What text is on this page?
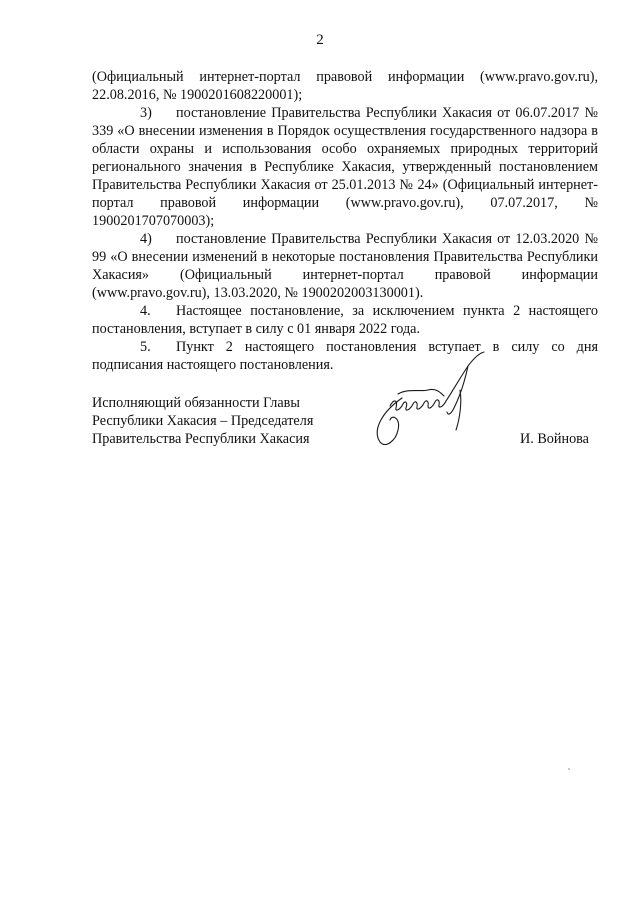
2

(Официальный интернет-портал правовой информации (www.pravo.gov.ru), 22.08.2016, № 1900201608220001);

3) постановление Правительства Республики Хакасия от 06.07.2017 № 339 «О внесении изменения в Порядок осуществления государственного надзора в области охраны и использования особо охраняемых природных территорий регионального значения в Республике Хакасия, утвержденный постановлением Правительства Республики Хакасия от 25.01.2013 № 24» (Официальный интернет-портал правовой информации (www.pravo.gov.ru), 07.07.2017, № 1900201707070003);

4) постановление Правительства Республики Хакасия от 12.03.2020 № 99 «О внесении изменений в некоторые постановления Правительства Республики Хакасия» (Официальный интернет-портал правовой информации (www.pravo.gov.ru), 13.03.2020, № 1900202003130001).

4. Настоящее постановление, за исключением пункта 2 настоящего постановления, вступает в силу с 01 января 2022 года.

5. Пункт 2 настоящего постановления вступает в силу со дня подписания настоящего постановления.

Исполняющий обязанности Главы
Республики Хакасия – Председателя
Правительства Республики Хакасия	И. Войнова
